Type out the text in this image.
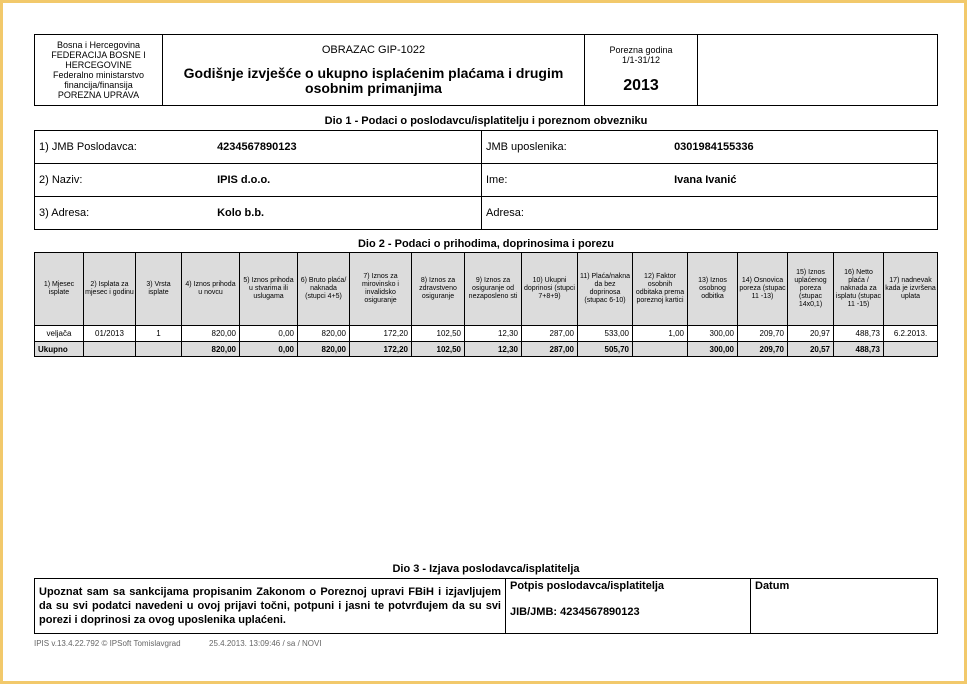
Bosna i Hercegovina
FEDERACIJA BOSNE I HERCEGOVINE
Federalno ministarstvo financija/finansija
POREZNA UPRAVA

OBRAZAC GIP-1022
Godišnje izvješće o ukupno isplaćenim plaćama i drugim osobnim primanjima

Porezna godina
1/1-31/12
2013

Dio 1 - Podaci o poslodavcu/isplatitelju i poreznom obvezniku
1) JMB Poslodavca: 4234567890123	JMB uposlenika: 0301984155336
2) Naziv: IPIS d.o.o.	Ime: Ivana Ivanić
3) Adresa: Kolo b.b.	Adresa:
Dio 2 - Podaci o prihodima, doprinosima i porezu
1) Mjesec isplate	2) Isplata za mjesec i godinu	3) Vrsta isplate	4) Iznos prihoda u novcu	5) Iznos prihoda u stvarima ili uslugama	6) Bruto plaća/ naknada (stupci 4+5)	7) Iznos za mirovinsko i invalidsko osiguranje	8) Iznos za zdravstveno osiguranje	9) Iznos za osiguranje od nezaposleno sti	10) Ukupni doprinosi (stupci 7+8+9)	11) Plaća/nakna da bez doprinosa (stupac 6-10)	12) Faktor osobnih odbitaka prema poreznoj kartici	13) Iznos osobnog odbitka	14) Osnovica poreza (stupac 11 -13)	15) Iznos uplaćenog poreza (stupac 14x0,1)	16) Netto plaća / naknada za isplatu (stupac 11 -15)	17) nadnevak kada je izvršena uplata
veljača	01/2013	1	820,00	0,00	820,00	172,20	102,50	12,30	287,00	533,00	1,00	300,00	209,70	20,97	488,73	6.2.2013.
Ukupno			820,00	0,00	820,00	172,20	102,50	12,30	287,00	505,70		300,00	209,70	20,57	488,73	
Dio 3 - Izjava poslodavca/isplatitelja
Upoznat sam sa sankcijama propisanim Zakonom o Poreznoj upravi FBiH i izjavljujem da su svi podatci navedeni u ovoj prijavi točni, potpuni i jasni te potvrđujem da su svi porezi i doprinosi za ovog uposlenika uplaćeni.	
Potpis poslodavca/isplatitelja
JIB/JMB: 4234567890123
	Datum
IPIS v.13.4.22.792 © IPSoft Tomislavgrad	25.4.2013. 13:09:46 / sa / NOVI
